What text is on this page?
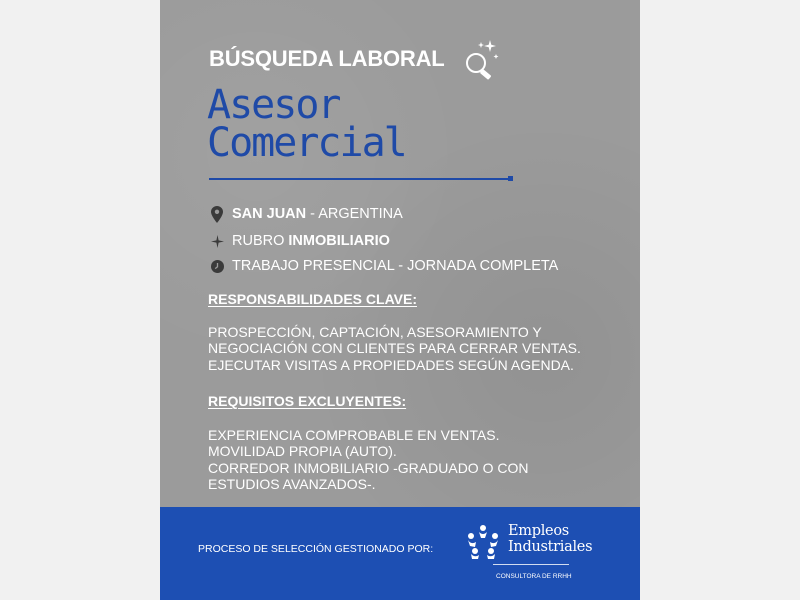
BÚSQUEDA LABORAL
Asesor
Comercial
SAN JUAN - ARGENTINA
RUBRO INMOBILIARIO
TRABAJO PRESENCIAL - JORNADA COMPLETA
RESPONSABILIDADES CLAVE:
PROSPECCIÓN, CAPTACIÓN, ASESORAMIENTO Y
NEGOCIACIÓN CON CLIENTES PARA CERRAR VENTAS.
EJECUTAR VISITAS A PROPIEDADES SEGÚN AGENDA.
REQUISITOS EXCLUYENTES:
EXPERIENCIA COMPROBABLE EN VENTAS.
MOVILIDAD PROPIA (AUTO).
CORREDOR INMOBILIARIO -GRADUADO O CON
ESTUDIOS AVANZADOS-.
PROCESO DE SELECCIÓN GESTIONADO POR:
Empleos
Industriales
CONSULTORA DE RRHH
